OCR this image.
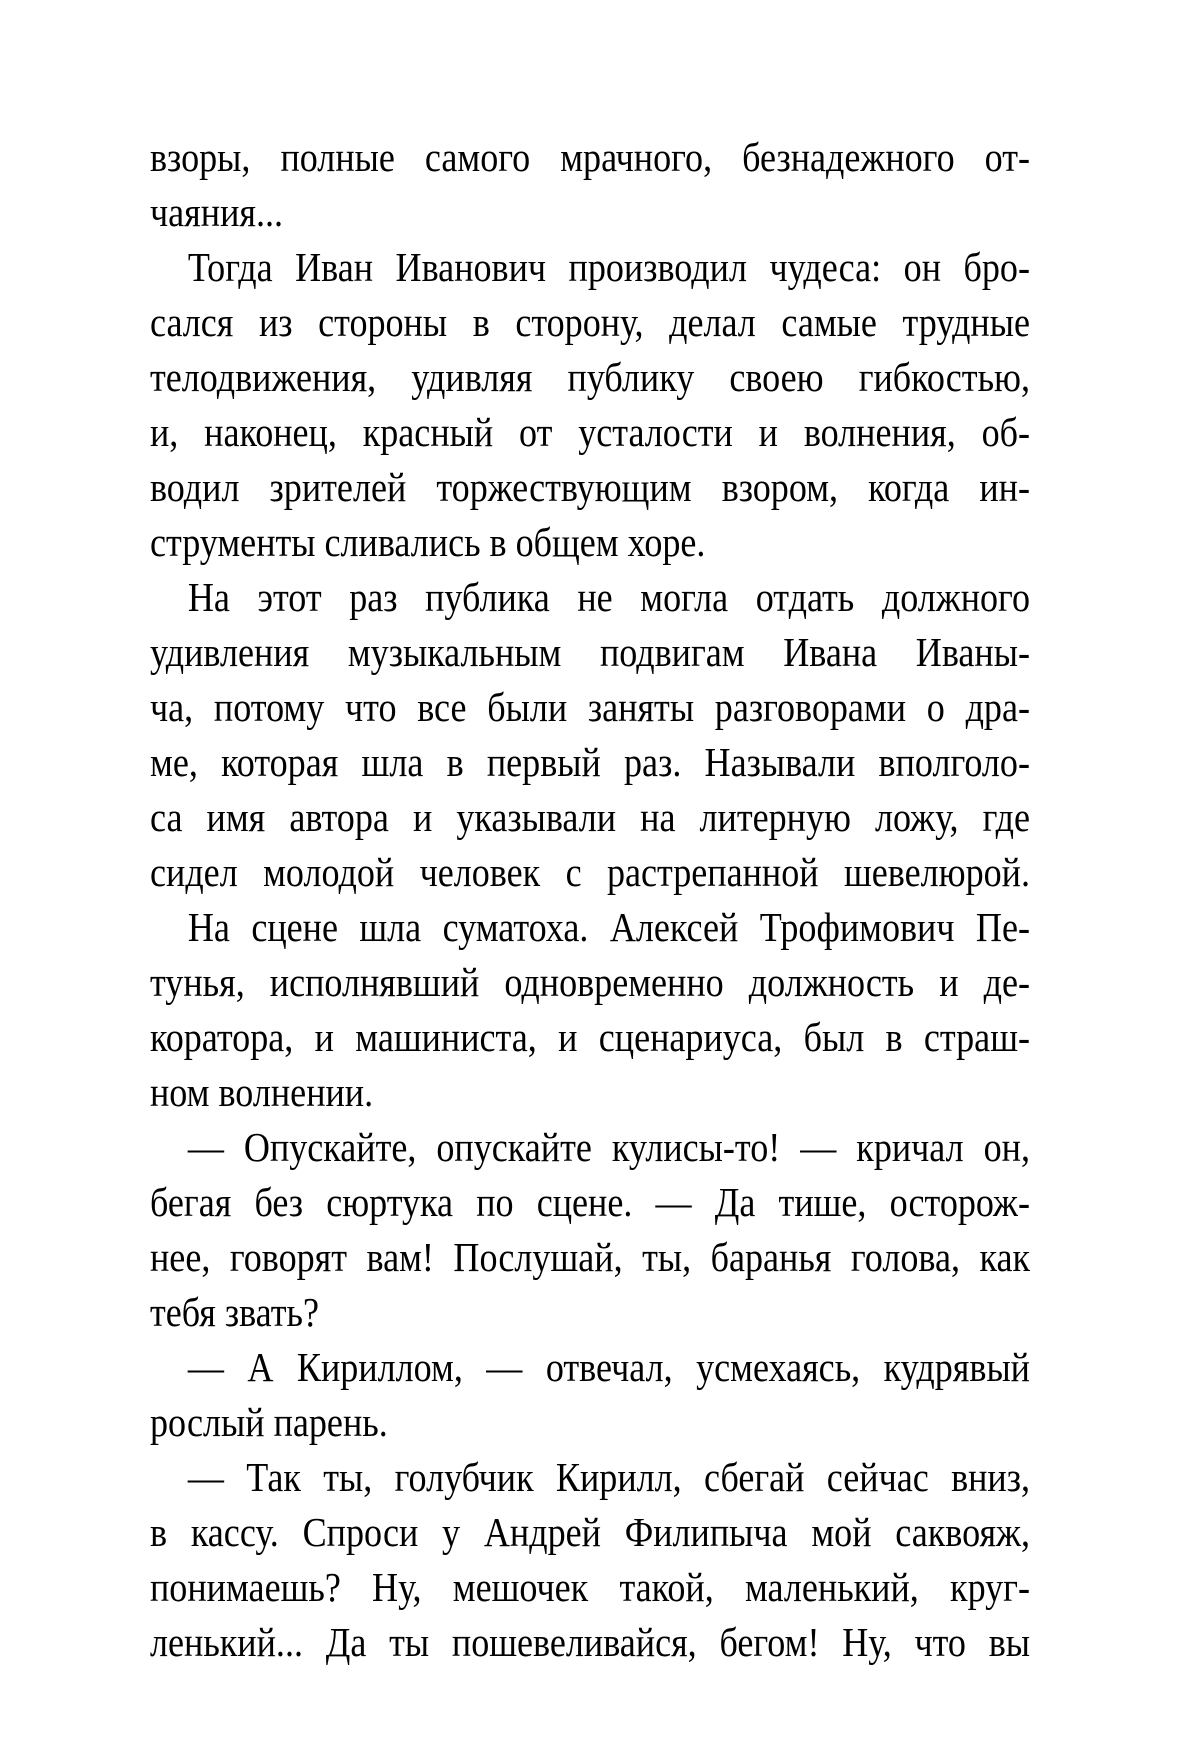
взоры, полные самого мрачного, безнадежного от-
чаяния...
Тогда Иван Иванович производил чудеса: он бро-
сался из стороны в сторону, делал самые трудные
телодвижения, удивляя публику своею гибкостью,
и, наконец, красный от усталости и волнения, об-
водил зрителей торжествующим взором, когда ин-
струменты сливались в общем хоре.
На этот раз публика не могла отдать должного
удивления музыкальным подвигам Ивана Иваны-
ча, потому что все были заняты разговорами о дра-
ме, которая шла в первый раз. Называли вполголо-
са имя автора и указывали на литерную ложу, где
сидел молодой человек с растрепанной шевелюрой.
На сцене шла суматоха. Алексей Трофимович Пе-
тунья, исполнявший одновременно должность и де-
коратора, и машиниста, и сценариуса, был в страш-
ном волнении.
— Опускайте, опускайте кулисы-то! — кричал он,
бегая без сюртука по сцене. — Да тише, осторож-
нее, говорят вам! Послушай, ты, баранья голова, как
тебя звать?
— А Кириллом, — отвечал, усмехаясь, кудрявый
рослый парень.
— Так ты, голубчик Кирилл, сбегай сейчас вниз,
в кассу. Спроси у Андрей Филипыча мой саквояж,
понимаешь? Ну, мешочек такой, маленький, круг-
ленький... Да ты пошевеливайся, бегом! Ну, что вы
